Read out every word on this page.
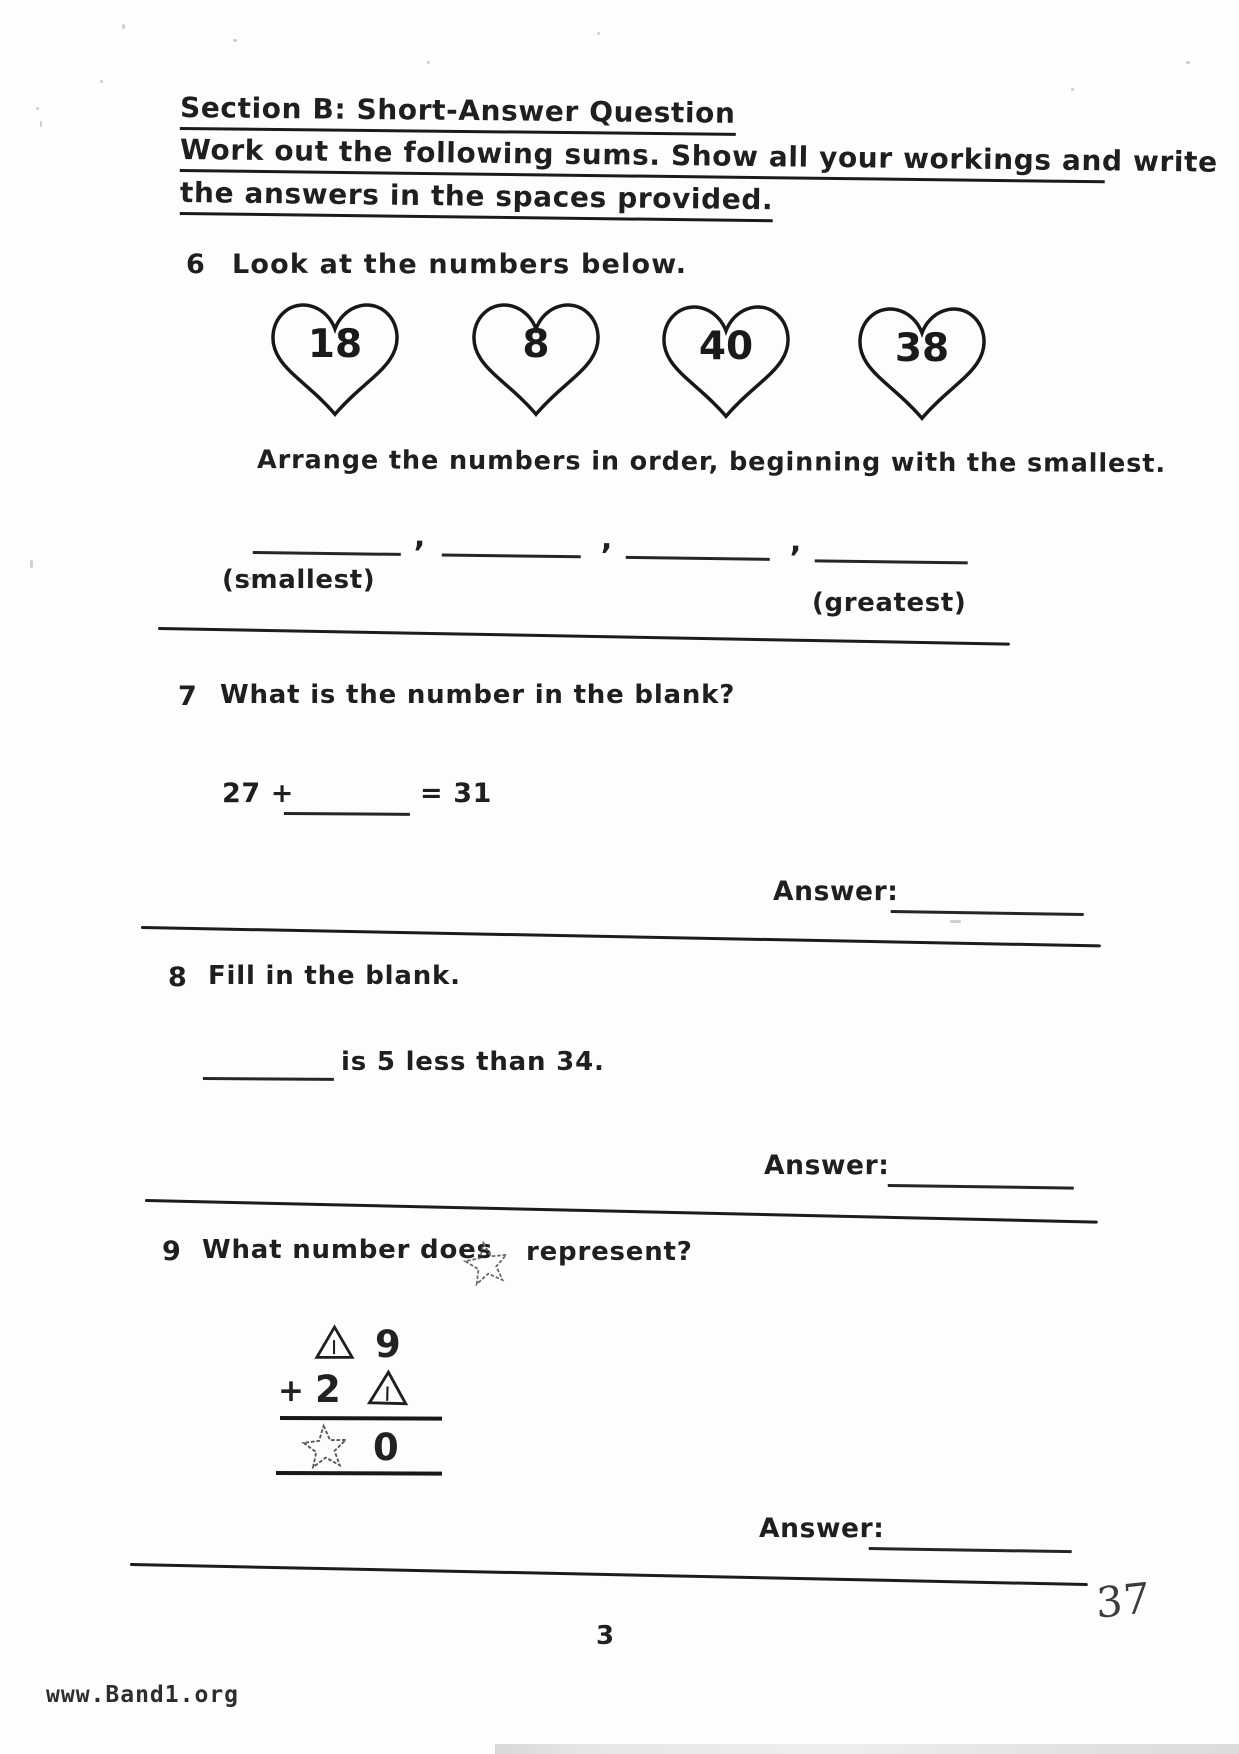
Section B: Short-Answer Question
Work out the following sums. Show all your workings and write
the answers in the spaces provided.
6 Look at the numbers below.
18	8	40	38
Arrange the numbers in order, beginning with the smallest.
,	,	,
(smallest)
(greatest)
7 What is the number in the blank?
27 +	= 31
Answer:
8 Fill in the blank.
is 5 less than 34.
Answer:
9 What number does represent?
9
+ 2
0
Answer:
37
3
www.Band1.org
